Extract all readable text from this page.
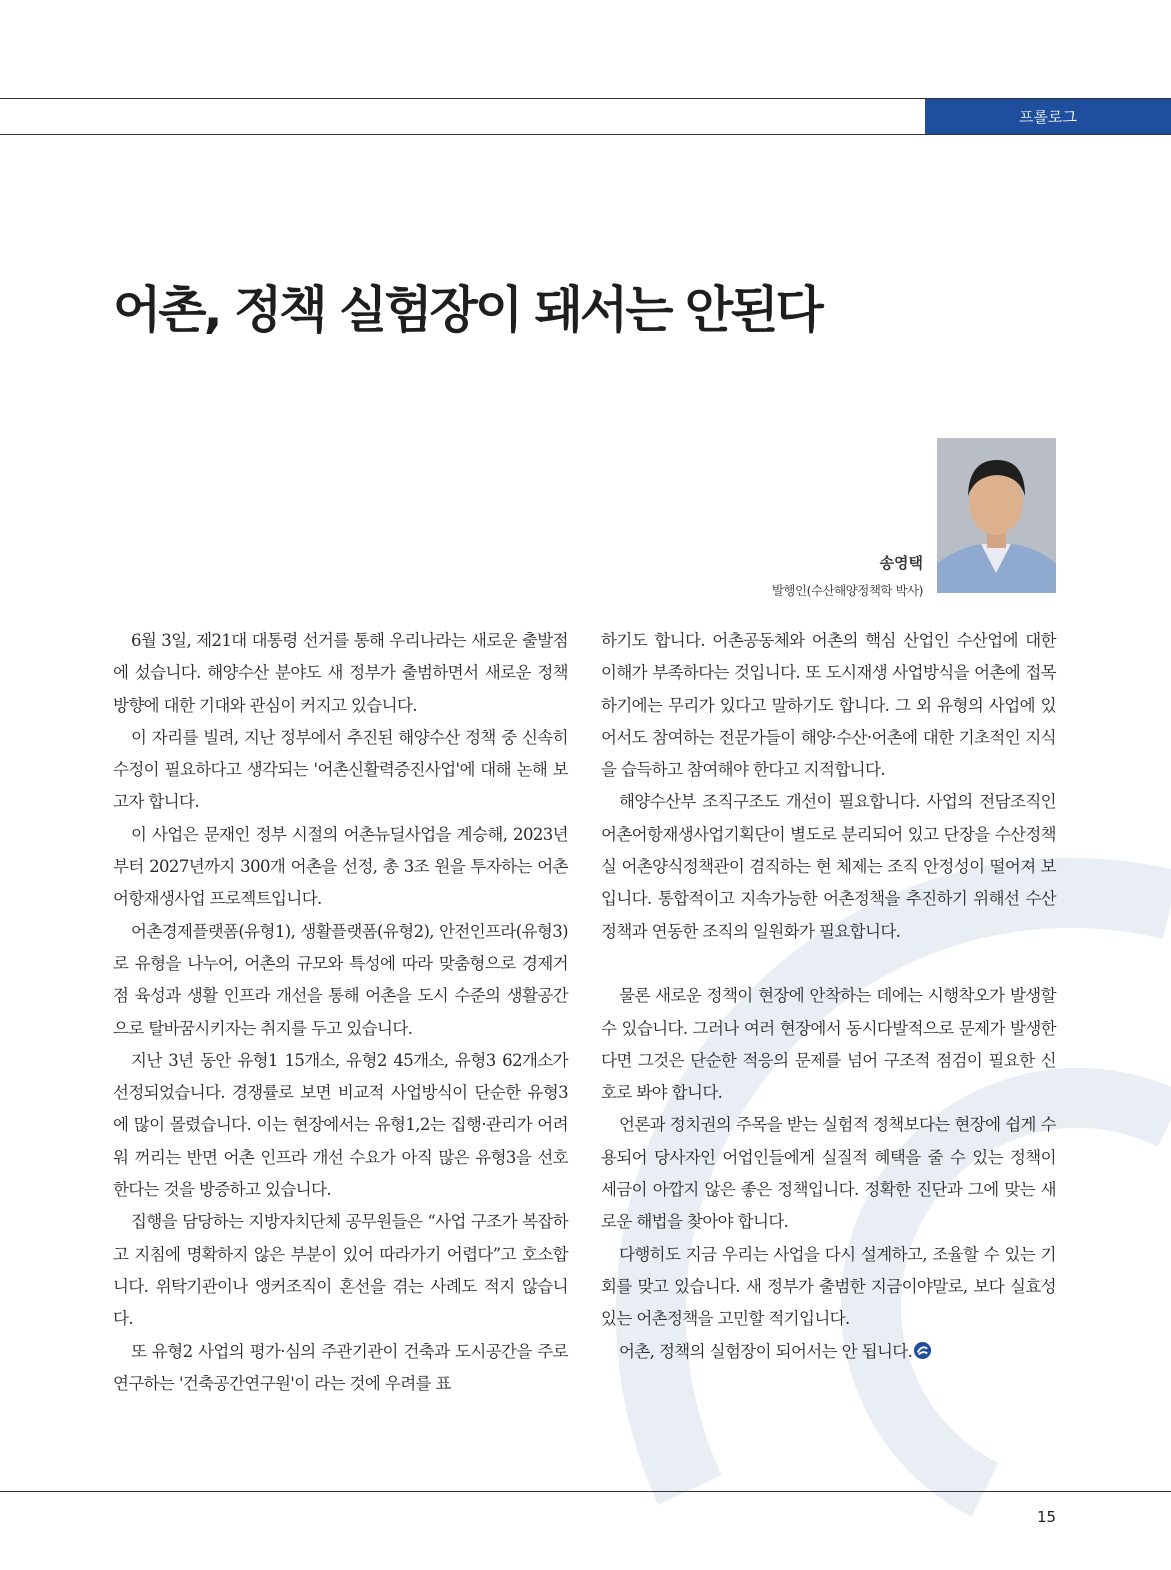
프롤로그
어촌, 정책 실험장이 돼서는 안된다
송영택
발행인(수산해양정책학 박사)

6월 3일, 제21대 대통령 선거를 통해 우리나라는 새로운 출발점에 섰습니다. 해양수산 분야도 새 정부가 출범하면서 새로운 정책 방향에 대한 기대와 관심이 커지고 있습니다.

이 자리를 빌려, 지난 정부에서 추진된 해양수산 정책 중 신속히 수정이 필요하다고 생각되는 '어촌신활력증진사업'에 대해 논해 보고자 합니다.

이 사업은 문재인 정부 시절의 어촌뉴딜사업을 계승해, 2023년부터 2027년까지 300개 어촌을 선정, 총 3조 원을 투자하는 어촌어항재생사업 프로젝트입니다.

어촌경제플랫폼(유형1), 생활플랫폼(유형2), 안전인프라(유형3)로 유형을 나누어, 어촌의 규모와 특성에 따라 맞춤형으로 경제거점 육성과 생활 인프라 개선을 통해 어촌을 도시 수준의 생활공간으로 탈바꿈시키자는 취지를 두고 있습니다.

지난 3년 동안 유형1 15개소, 유형2 45개소, 유형3 62개소가 선정되었습니다. 경쟁률로 보면 비교적 사업방식이 단순한 유형3에 많이 몰렸습니다. 이는 현장에서는 유형1,2는 집행·관리가 어려워 꺼리는 반면 어촌 인프라 개선 수요가 아직 많은 유형3을 선호한다는 것을 방증하고 있습니다.

집행을 담당하는 지방자치단체 공무원들은 “사업 구조가 복잡하고 지침에 명확하지 않은 부분이 있어 따라가기 어렵다”고 호소합니다. 위탁기관이나 앵커조직이 혼선을 겪는 사례도 적지 않습니다.

또 유형2 사업의 평가·심의 주관기관이 건축과 도시공간을 주로 연구하는 '건축공간연구원'이 라는 것에 우려를 표

하기도 합니다. 어촌공동체와 어촌의 핵심 산업인 수산업에 대한 이해가 부족하다는 것입니다. 또 도시재생 사업방식을 어촌에 접목하기에는 무리가 있다고 말하기도 합니다. 그 외 유형의 사업에 있어서도 참여하는 전문가들이 해양·수산·어촌에 대한 기초적인 지식을 습득하고 참여해야 한다고 지적합니다.

해양수산부 조직구조도 개선이 필요합니다. 사업의 전담조직인 어촌어항재생사업기획단이 별도로 분리되어 있고 단장을 수산정책실 어촌양식정책관이 겸직하는 현 체제는 조직 안정성이 떨어져 보입니다. 통합적이고 지속가능한 어촌정책을 추진하기 위해선 수산정책과 연동한 조직의 일원화가 필요합니다.

물론 새로운 정책이 현장에 안착하는 데에는 시행착오가 발생할 수 있습니다. 그러나 여러 현장에서 동시다발적으로 문제가 발생한다면 그것은 단순한 적응의 문제를 넘어 구조적 점검이 필요한 신호로 봐야 합니다.

언론과 정치권의 주목을 받는 실험적 정책보다는 현장에 쉽게 수용되어 당사자인 어업인들에게 실질적 혜택을 줄 수 있는 정책이 세금이 아깝지 않은 좋은 정책입니다. 정확한 진단과 그에 맞는 새로운 해법을 찾아야 합니다.

다행히도 지금 우리는 사업을 다시 설계하고, 조율할 수 있는 기회를 맞고 있습니다. 새 정부가 출범한 지금이야말로, 보다 실효성 있는 어촌정책을 고민할 적기입니다.

어촌, 정책의 실험장이 되어서는 안 됩니다.

15
